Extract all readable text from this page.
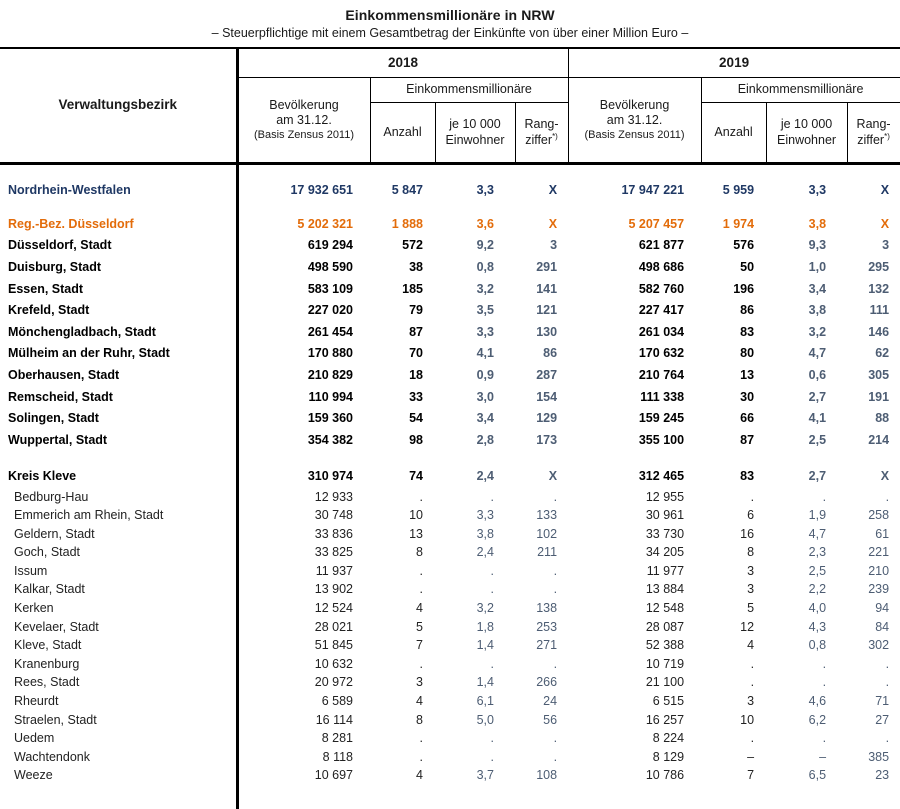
Einkommensmillionäre in NRW
– Steuerpflichtige mit einem Gesamtbetrag der Einkünfte von über einer Million Euro –
Verwaltungsbezirk	2018				2019			

	Bevölkerung
am 31.12.
(Basis Zensus 2011)	Einkommensmillionäre			Bevölkerung
am 31.12.
(Basis Zensus 2011)	Einkommensmillionäre		
		Anzahl	je 10 000
Einwohner	Rang-
ziffer*)		Anzahl	je 10 000
Einwohner	Rang-
ziffer*)

Nordrhein-Westfalen	17 932 651	5 847	3,3	X	17 947 221	5 959	3,3	X

Reg.-Bez. Düsseldorf	5 202 321	1 888	3,6	X	5 207 457	1 974	3,8	X
Düsseldorf, Stadt	619 294	572	9,2	3	621 877	576	9,3	3
Duisburg, Stadt	498 590	38	0,8	291	498 686	50	1,0	295
Essen, Stadt	583 109	185	3,2	141	582 760	196	3,4	132
Krefeld, Stadt	227 020	79	3,5	121	227 417	86	3,8	111
Mönchengladbach, Stadt	261 454	87	3,3	130	261 034	83	3,2	146
Mülheim an der Ruhr, Stadt	170 880	70	4,1	86	170 632	80	4,7	62
Oberhausen, Stadt	210 829	18	0,9	287	210 764	13	0,6	305
Remscheid, Stadt	110 994	33	3,0	154	111 338	30	2,7	191
Solingen, Stadt	159 360	54	3,4	129	159 245	66	4,1	88
Wuppertal, Stadt	354 382	98	2,8	173	355 100	87	2,5	214

Kreis Kleve	310 974	74	2,4	X	312 465	83	2,7	X
Bedburg-Hau	12 933	.	.	.	12 955	.	.	.
Emmerich am Rhein, Stadt	30 748	10	3,3	133	30 961	6	1,9	258
Geldern, Stadt	33 836	13	3,8	102	33 730	16	4,7	61
Goch, Stadt	33 825	8	2,4	211	34 205	8	2,3	221
Issum	11 937	.	.	.	11 977	3	2,5	210
Kalkar, Stadt	13 902	.	.	.	13 884	3	2,2	239
Kerken	12 524	4	3,2	138	12 548	5	4,0	94
Kevelaer, Stadt	28 021	5	1,8	253	28 087	12	4,3	84
Kleve, Stadt	51 845	7	1,4	271	52 388	4	0,8	302
Kranenburg	10 632	.	.	.	10 719	.	.	.
Rees, Stadt	20 972	3	1,4	266	21 100	.	.	.
Rheurdt	6 589	4	6,1	24	6 515	3	4,6	71
Straelen, Stadt	16 114	8	5,0	56	16 257	10	6,2	27
Uedem	8 281	.	.	.	8 224	.	.	.
Wachtendonk	8 118	.	.	.	8 129	–	–	385
Weeze	10 697	4	3,7	108	10 786	7	6,5	23
